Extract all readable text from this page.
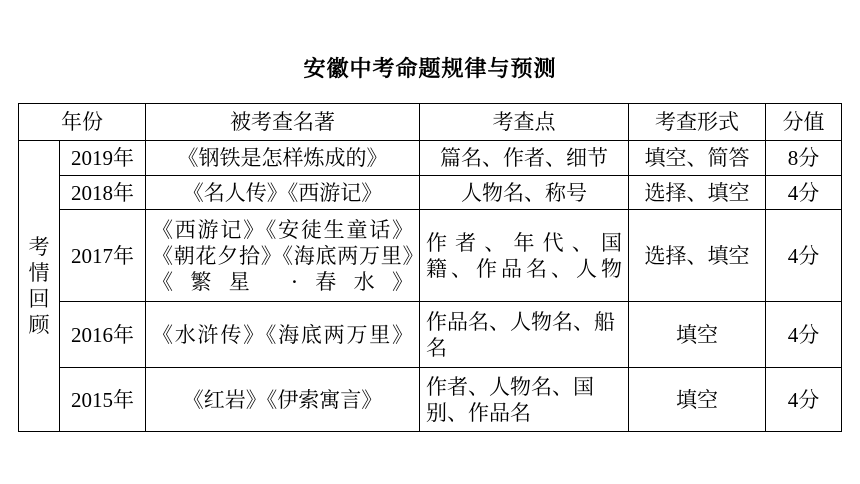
安徽中考命题规律与预测
年份		被考查名著	考查点	考查形式	分值

考
情
回
顾	2019年	《钢铁是怎样炼成的》	篇名、作者、细节	填空、简答	8分
	2018年	《名人传》《西游记》	人物名、称号	选择、填空	4分
	2017年	《西游记》《安徒生童话》《朝花夕拾》《海底两万里》《繁星 ·春水》	作 者 、 年 代 、 国籍、作品名、人物	选择、填空	4分
	2016年	《水浒传》《海底两万里》	作品名、人物名、船名	填空	4分
	2015年	《红岩》《伊索寓言》	作者、人物名、国别、作品名	填空	4分
